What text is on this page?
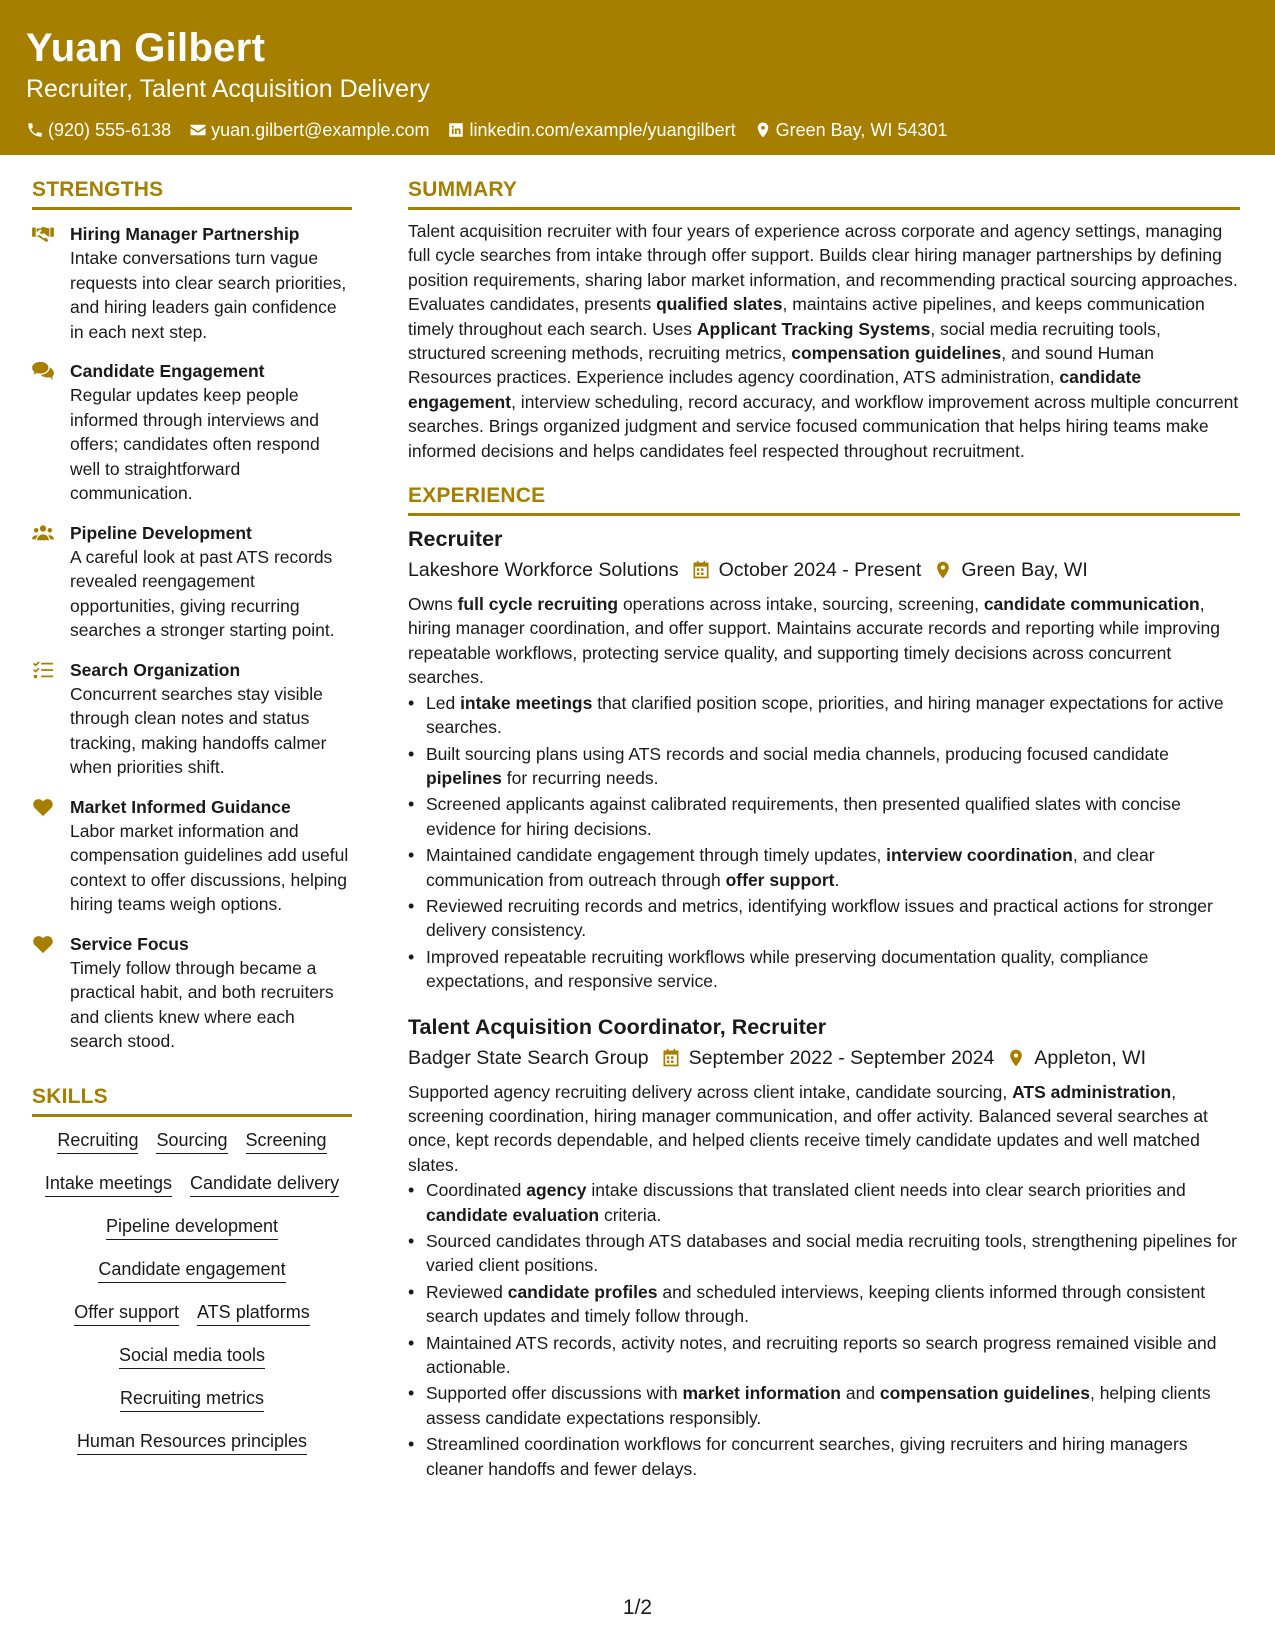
Yuan Gilbert
Recruiter, Talent Acquisition Delivery
(920) 555-6138 yuan.gilbert@example.com linkedin.com/example/yuangilbert Green Bay, WI 54301
STRENGTHS
Hiring Manager Partnership
Intake conversations turn vague requests into clear search priorities, and hiring leaders gain confidence in each next step.
Candidate Engagement
Regular updates keep people informed through interviews and offers; candidates often respond well to straightforward communication.
Pipeline Development
A careful look at past ATS records revealed reengagement opportunities, giving recurring searches a stronger starting point.
Search Organization
Concurrent searches stay visible through clean notes and status tracking, making handoffs calmer when priorities shift.
Market Informed Guidance
Labor market information and compensation guidelines add useful context to offer discussions, helping hiring teams weigh options.
Service Focus
Timely follow through became a practical habit, and both recruiters and clients knew where each search stood.
SKILLS
Recruiting Sourcing Screening
Intake meetings Candidate delivery
Pipeline development
Candidate engagement
Offer support ATS platforms
Social media tools
Recruiting metrics
Human Resources principles
SUMMARY
Talent acquisition recruiter with four years of experience across corporate and agency settings, managing full cycle searches from intake through offer support. Builds clear hiring manager partnerships by defining position requirements, sharing labor market information, and recommending practical sourcing approaches. Evaluates candidates, presents qualified slates, maintains active pipelines, and keeps communication timely throughout each search. Uses Applicant Tracking Systems, social media recruiting tools, structured screening methods, recruiting metrics, compensation guidelines, and sound Human Resources practices. Experience includes agency coordination, ATS administration, candidate engagement, interview scheduling, record accuracy, and workflow improvement across multiple concurrent searches. Brings organized judgment and service focused communication that helps hiring teams make informed decisions and helps candidates feel respected throughout recruitment.
EXPERIENCE
Recruiter
Lakeshore Workforce Solutions October 2024 - Present Green Bay, WI
Owns full cycle recruiting operations across intake, sourcing, screening, candidate communication, hiring manager coordination, and offer support. Maintains accurate records and reporting while improving repeatable workflows, protecting service quality, and supporting timely decisions across concurrent searches.
• Led intake meetings that clarified position scope, priorities, and hiring manager expectations for active searches.
• Built sourcing plans using ATS records and social media channels, producing focused candidate pipelines for recurring needs.
• Screened applicants against calibrated requirements, then presented qualified slates with concise evidence for hiring decisions.
• Maintained candidate engagement through timely updates, interview coordination, and clear communication from outreach through offer support.
• Reviewed recruiting records and metrics, identifying workflow issues and practical actions for stronger delivery consistency.
• Improved repeatable recruiting workflows while preserving documentation quality, compliance expectations, and responsive service.
Talent Acquisition Coordinator, Recruiter
Badger State Search Group September 2022 - September 2024 Appleton, WI
Supported agency recruiting delivery across client intake, candidate sourcing, ATS administration, screening coordination, hiring manager communication, and offer activity. Balanced several searches at once, kept records dependable, and helped clients receive timely candidate updates and well matched slates.
• Coordinated agency intake discussions that translated client needs into clear search priorities and candidate evaluation criteria.
• Sourced candidates through ATS databases and social media recruiting tools, strengthening pipelines for varied client positions.
• Reviewed candidate profiles and scheduled interviews, keeping clients informed through consistent search updates and timely follow through.
• Maintained ATS records, activity notes, and recruiting reports so search progress remained visible and actionable.
• Supported offer discussions with market information and compensation guidelines, helping clients assess candidate expectations responsibly.
• Streamlined coordination workflows for concurrent searches, giving recruiters and hiring managers cleaner handoffs and fewer delays.
1/2
